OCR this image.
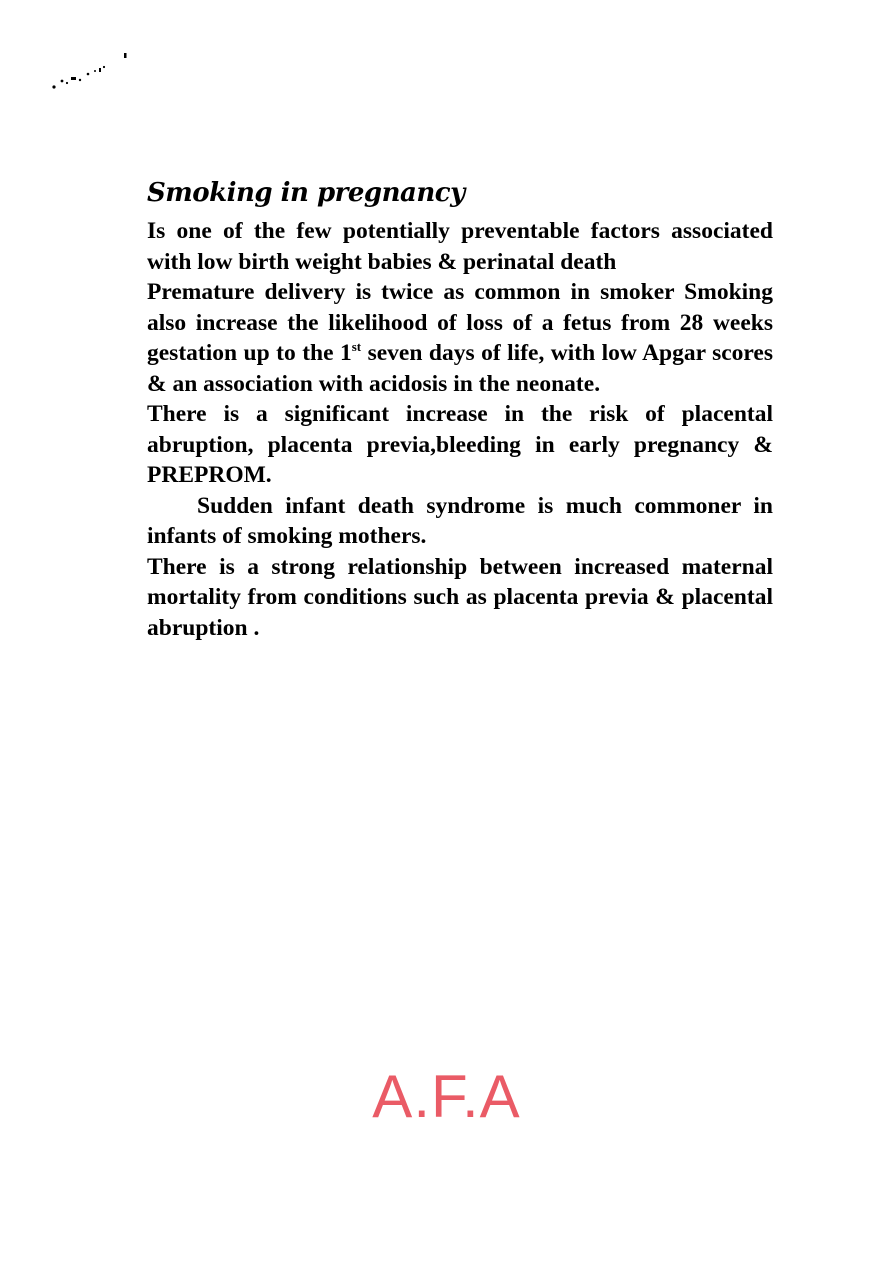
Smoking in pregnancy

Is one of the few potentially preventable factors associated with low birth weight babies & perinatal death

Premature delivery is twice as common in smoker Smoking also increase the likelihood of loss of a fetus from 28 weeks gestation up to the 1st seven days of life, with low Apgar scores & an association with acidosis in the neonate.

There is a significant increase in the risk of placental abruption, placenta previa,bleeding in early pregnancy & PREPROM.

Sudden infant death syndrome is much commoner in infants of smoking mothers.

There is a strong relationship between increased maternal mortality from conditions such as placenta previa & placental abruption .

A.F.A
